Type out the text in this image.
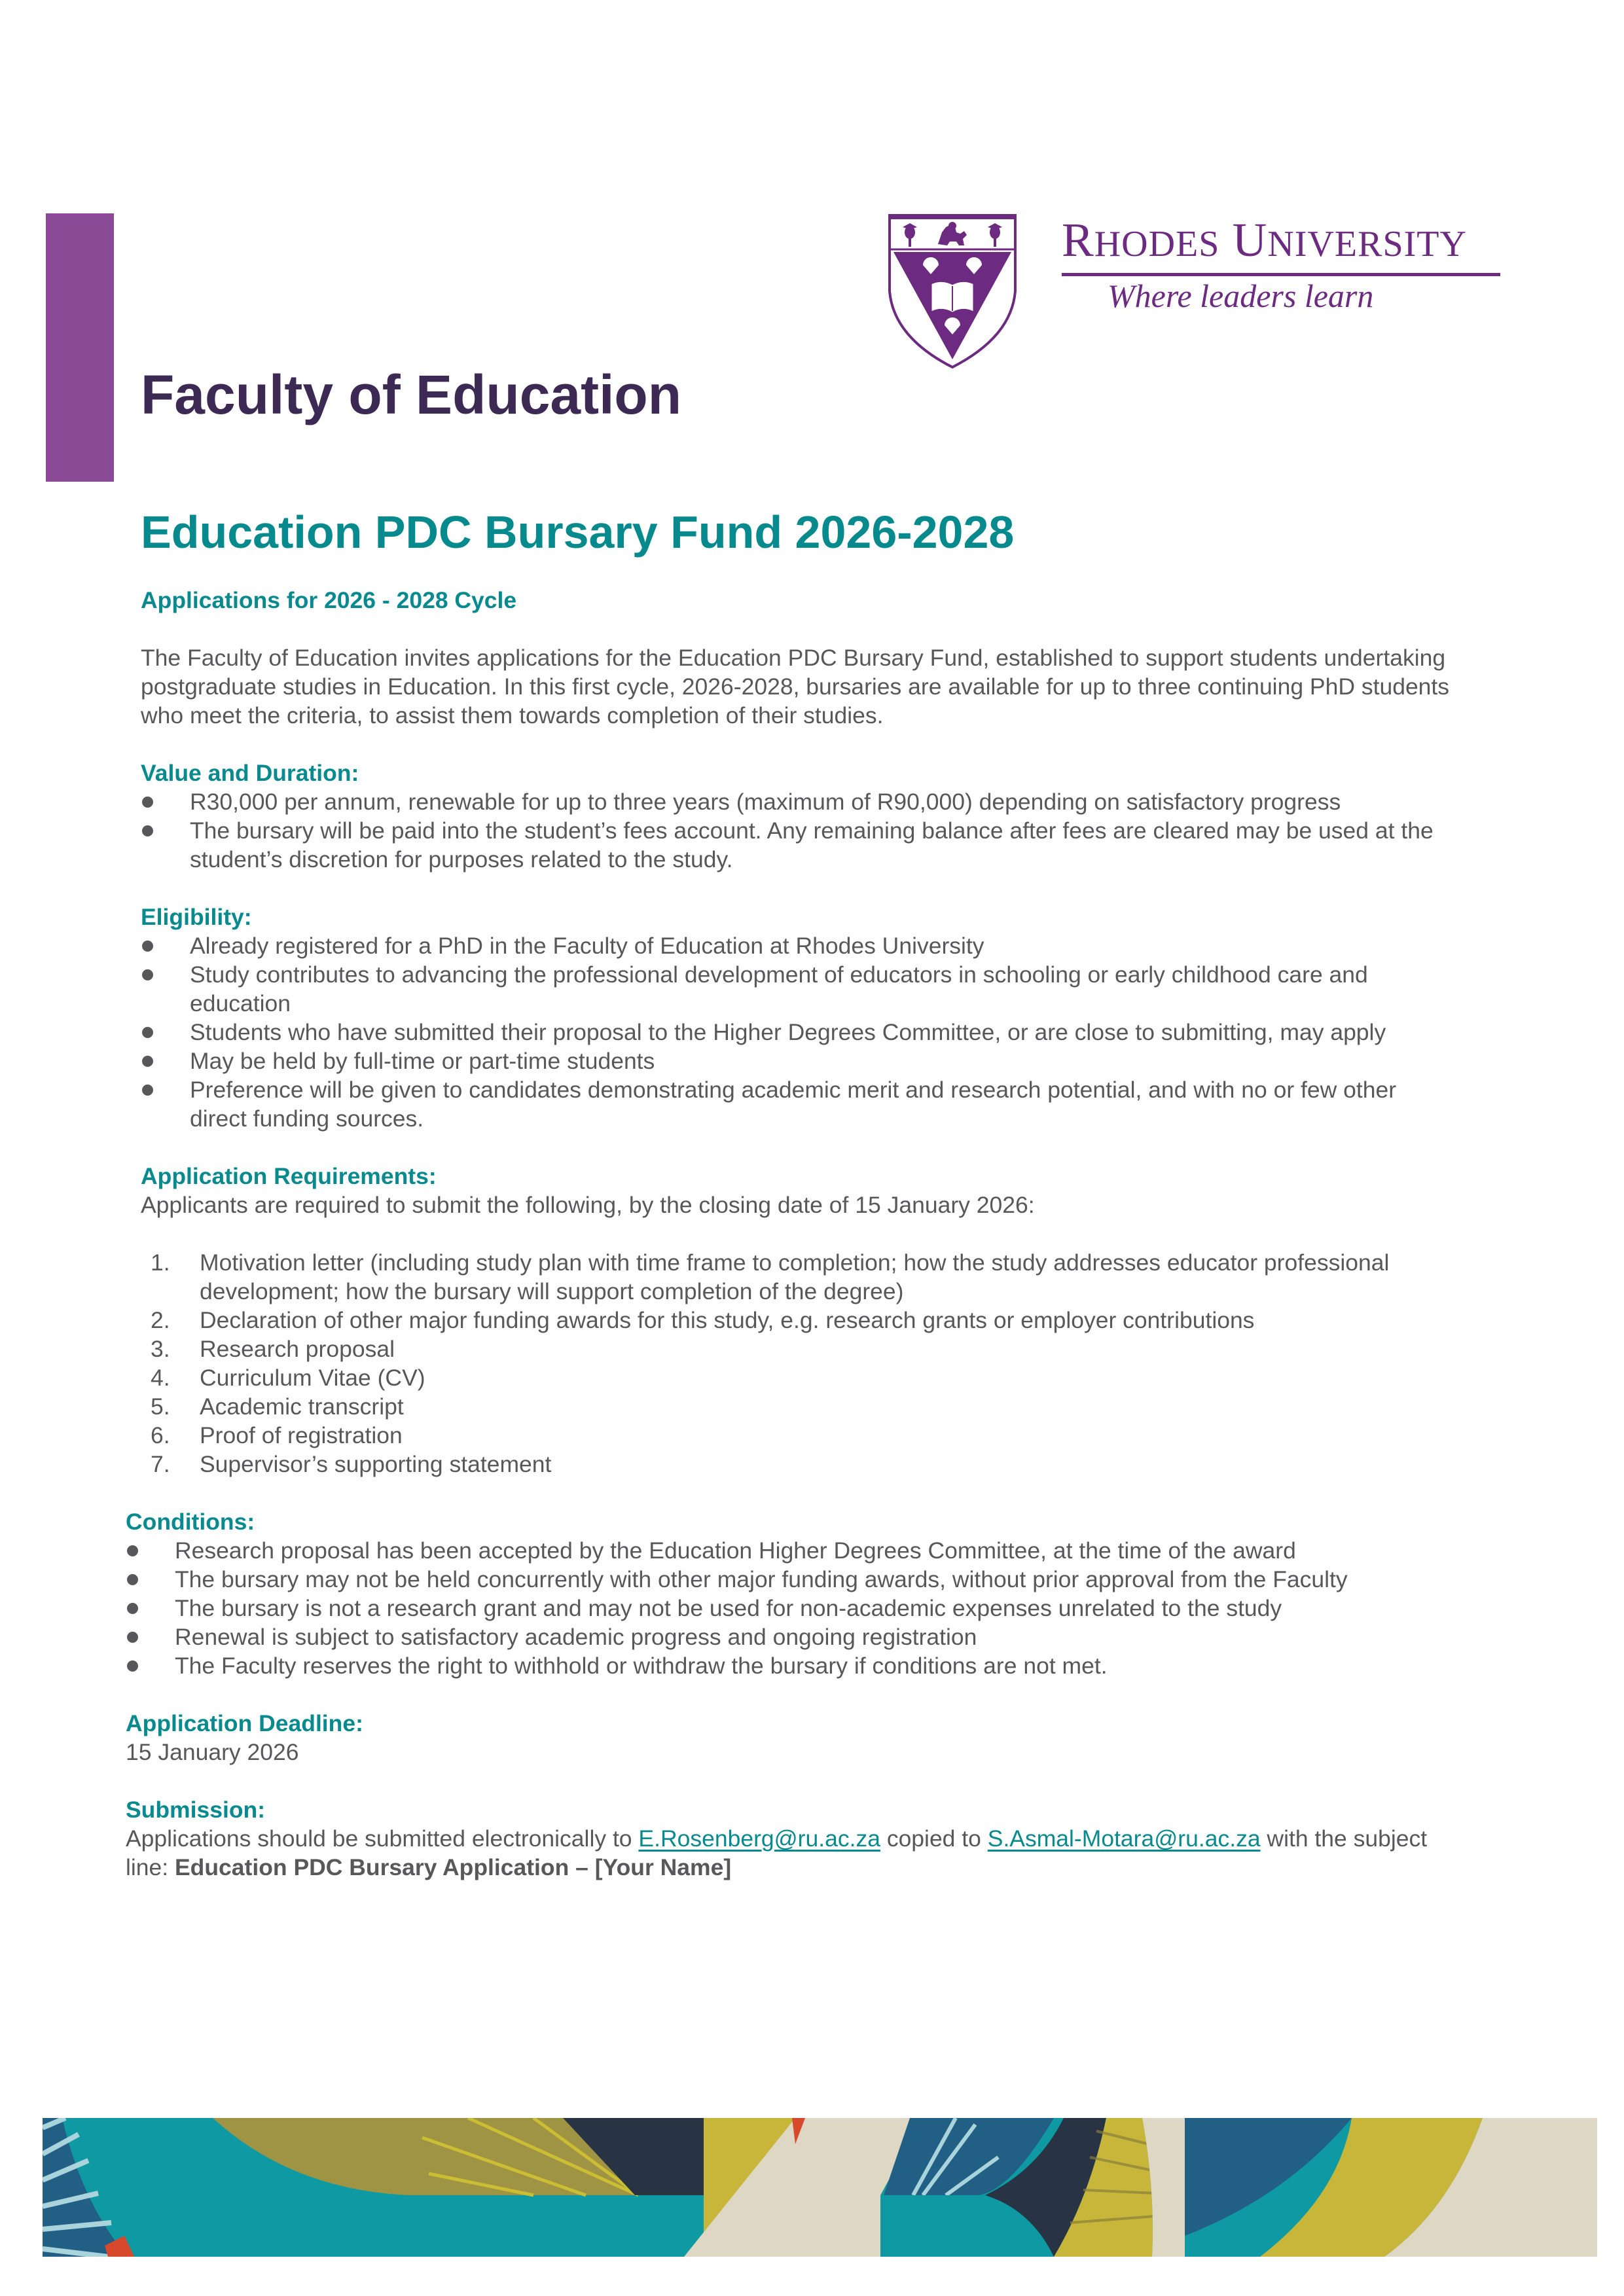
RHODES UNIVERSITY
Where leaders learn
Faculty of Education
Education PDC Bursary Fund 2026-2028
Applications for 2026 - 2028 Cycle

The Faculty of Education invites applications for the Education PDC Bursary Fund, established to support students undertaking postgraduate studies in Education. In this first cycle, 2026-2028, bursaries are available for up to three continuing PhD students who meet the criteria, to assist them towards completion of their studies.

Value and Duration:
R30,000 per annum, renewable for up to three years (maximum of R90,000) depending on satisfactory progress
The bursary will be paid into the student’s fees account. Any remaining balance after fees are cleared may be used at the student’s discretion for purposes related to the study.
Eligibility:
Already registered for a PhD in the Faculty of Education at Rhodes University
Study contributes to advancing the professional development of educators in schooling or early childhood care and education
Students who have submitted their proposal to the Higher Degrees Committee, or are close to submitting, may apply
May be held by full-time or part-time students
Preference will be given to candidates demonstrating academic merit and research potential, and with no or few other direct funding sources.
Application Requirements:

Applicants are required to submit the following, by the closing date of 15 January 2026:

1. Motivation letter (including study plan with time frame to completion; how the study addresses educator professional development; how the bursary will support completion of the degree)
2. Declaration of other major funding awards for this study, e.g. research grants or employer contributions
3. Research proposal
4. Curriculum Vitae (CV)
5. Academic transcript
6. Proof of registration
7. Supervisor’s supporting statement
Conditions:
Research proposal has been accepted by the Education Higher Degrees Committee, at the time of the award
The bursary may not be held concurrently with other major funding awards, without prior approval from the Faculty
The bursary is not a research grant and may not be used for non-academic expenses unrelated to the study
Renewal is subject to satisfactory academic progress and ongoing registration
The Faculty reserves the right to withhold or withdraw the bursary if conditions are not met.
Application Deadline:

15 January 2026

Submission:

Applications should be submitted electronically to E.Rosenberg@ru.ac.za copied to S.Asmal-Motara@ru.ac.za with the subject line: Education PDC Bursary Application – [Your Name]
